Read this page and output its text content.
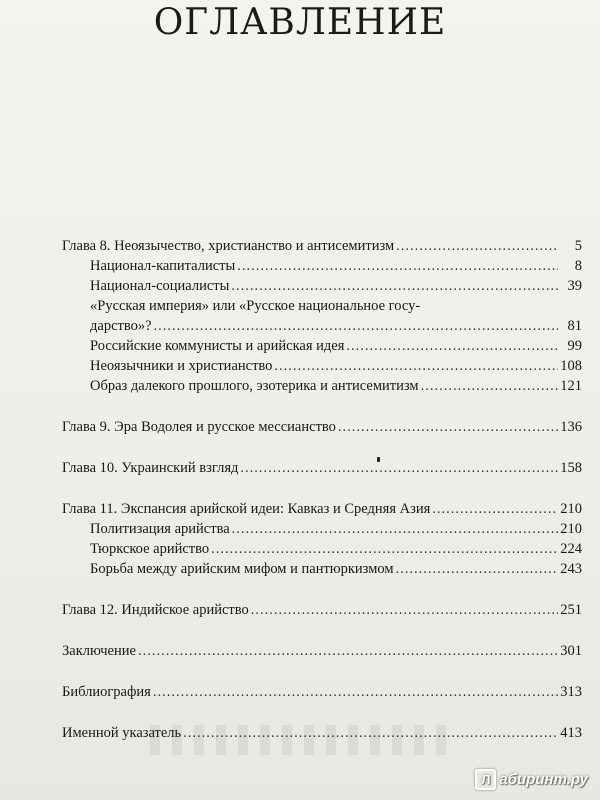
ОГЛАВЛЕНИЕ
Глава 8. Неоязычество, христианство и антисемитизм .....	5
Национал-капиталисты .....	8
Национал-социалисты .....	39
«Русская империя» или «Русское национальное госу-
дарство»? .....	81
Российские коммунисты и арийская идея .....	99
Неоязычники и христианство .....	108
Образ далекого прошлого, эзотерика и антисемитизм .....	121
Глава 9. Эра Водолея и русское мессианство .....	136
Глава 10. Украинский взгляд .....	158
Глава 11. Экспансия арийской идеи: Кавказ и Средняя Азия .....	210
Политизация арийства .....	210
Тюркское арийство .....	224
Борьба между арийским мифом и пантюркизмом .....	243
Глава 12. Индийское арийство .....	251
Заключение .....	301
Библиография .....	313
Именной указатель .....	413
Л абиринт.ру
